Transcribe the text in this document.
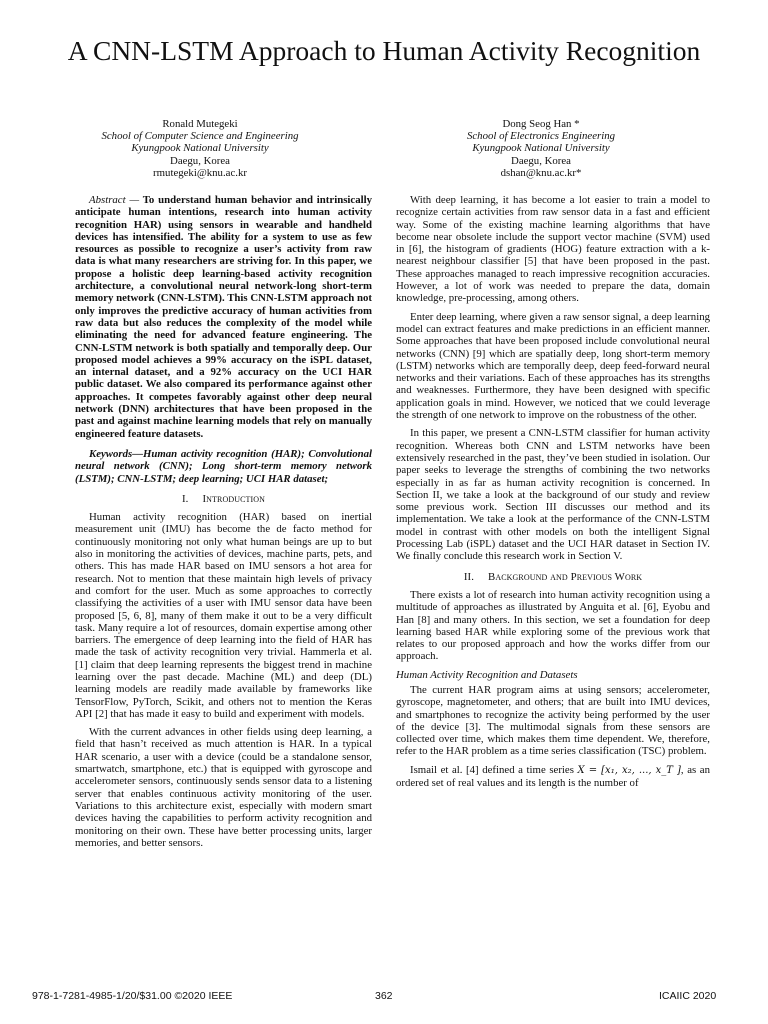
A CNN-LSTM Approach to Human Activity Recognition
Ronald Mutegeki
School of Computer Science and Engineering
Kyungpook National University
Daegu, Korea
rmutegeki@knu.ac.kr
Dong Seog Han *
School of Electronics Engineering
Kyungpook National University
Daegu, Korea
dshan@knu.ac.kr*

Abstract — To understand human behavior and intrinsically anticipate human intentions, research into human activity recognition HAR) using sensors in wearable and handheld devices has intensified. The ability for a system to use as few resources as possible to recognize a user’s activity from raw data is what many researchers are striving for. In this paper, we propose a holistic deep learning-based activity recognition architecture, a convolutional neural network-long short-term memory network (CNN-LSTM). This CNN-LSTM approach not only improves the predictive accuracy of human activities from raw data but also reduces the complexity of the model while eliminating the need for advanced feature engineering. The CNN-LSTM network is both spatially and temporally deep. Our proposed model achieves a 99% accuracy on the iSPL dataset, an internal dataset, and a 92% accuracy on the UCI HAR public dataset. We also compared its performance against other approaches. It competes favorably against other deep neural network (DNN) architectures that have been proposed in the past and against machine learning models that rely on manually engineered feature datasets.

Keywords—Human activity recognition (HAR); Convolutional neural network (CNN); Long short-term memory network (LSTM); CNN-LSTM; deep learning; UCI HAR dataset;

I. Introduction

Human activity recognition (HAR) based on inertial measurement unit (IMU) has become the de facto method for continuously monitoring not only what human beings are up to but also in monitoring the activities of devices, machine parts, pets, and others. This has made HAR based on IMU sensors a hot area for research. Not to mention that these maintain high levels of privacy and comfort for the user. Much as some approaches to correctly classifying the activities of a user with IMU sensor data have been proposed [5, 6, 8], many of them make it out to be a very difficult task. Many require a lot of resources, domain expertise among other barriers. The emergence of deep learning into the field of HAR has made the task of activity recognition very trivial. Hammerla et al. [1] claim that deep learning represents the biggest trend in machine learning over the past decade. Machine (ML) and deep (DL) learning models are readily made available by frameworks like TensorFlow, PyTorch, Scikit, and others not to mention the Keras API [2] that has made it easy to build and experiment with models.

With the current advances in other fields using deep learning, a field that hasn’t received as much attention is HAR. In a typical HAR scenario, a user with a device (could be a standalone sensor, smartwatch, smartphone, etc.) that is equipped with gyroscope and accelerometer sensors, continuously sends sensor data to a listening server that enables continuous activity monitoring of the user. Variations to this architecture exist, especially with modern smart devices having the capabilities to perform activity recognition and monitoring on their own. These have better processing units, larger memories, and better sensors.

With deep learning, it has become a lot easier to train a model to recognize certain activities from raw sensor data in a fast and efficient way. Some of the existing machine learning algorithms that have become near obsolete include the support vector machine (SVM) used in [6], the histogram of gradients (HOG) feature extraction with a k-nearest neighbour classifier [5] that have been proposed in the past. These approaches managed to reach impressive recognition accuracies. However, a lot of work was needed to prepare the data, domain knowledge, pre-processing, among others.

Enter deep learning, where given a raw sensor signal, a deep learning model can extract features and make predictions in an efficient manner. Some approaches that have been proposed include convolutional neural networks (CNN) [9] which are spatially deep, long short-term memory (LSTM) networks which are temporally deep, deep feed-forward neural networks and their variations. Each of these approaches has its strengths and weaknesses. Furthermore, they have been designed with specific application goals in mind. However, we noticed that we could leverage the strength of one network to improve on the robustness of the other.

In this paper, we present a CNN-LSTM classifier for human activity recognition. Whereas both CNN and LSTM networks have been extensively researched in the past, they’ve been studied in isolation. Our paper seeks to leverage the strengths of combining the two networks especially in as far as human activity recognition is concerned. In Section II, we take a look at the background of our study and review some previous work. Section III discusses our method and its implementation. We take a look at the performance of the CNN-LSTM model in contrast with other models on both the intelligent Signal Processing Lab (iSPL) dataset and the UCI HAR dataset in Section IV. We finally conclude this research work in Section V.

II. Background and Previous Work

There exists a lot of research into human activity recognition using a multitude of approaches as illustrated by Anguita et al. [6], Eyobu and Han [8] and many others. In this section, we set a foundation for deep learning based HAR while exploring some of the previous work that relates to our proposed approach and how the works differ from our approach.

Human Activity Recognition and Datasets

The current HAR program aims at using sensors; accelerometer, gyroscope, magnetometer, and others; that are built into IMU devices, and smartphones to recognize the activity being performed by the user of the device [3]. The multimodal signals from these sensors are collected over time, which makes them time dependent. We, therefore, refer to the HAR problem as a time series classification (TSC) problem.

Ismail et al. [4] defined a time series X = [x₁, x₂, ..., x_T ], as an ordered set of real values and its length is the number of

978-1-7281-4985-1/20/$31.00 ©2020 IEEE	362	ICAIIC 2020
